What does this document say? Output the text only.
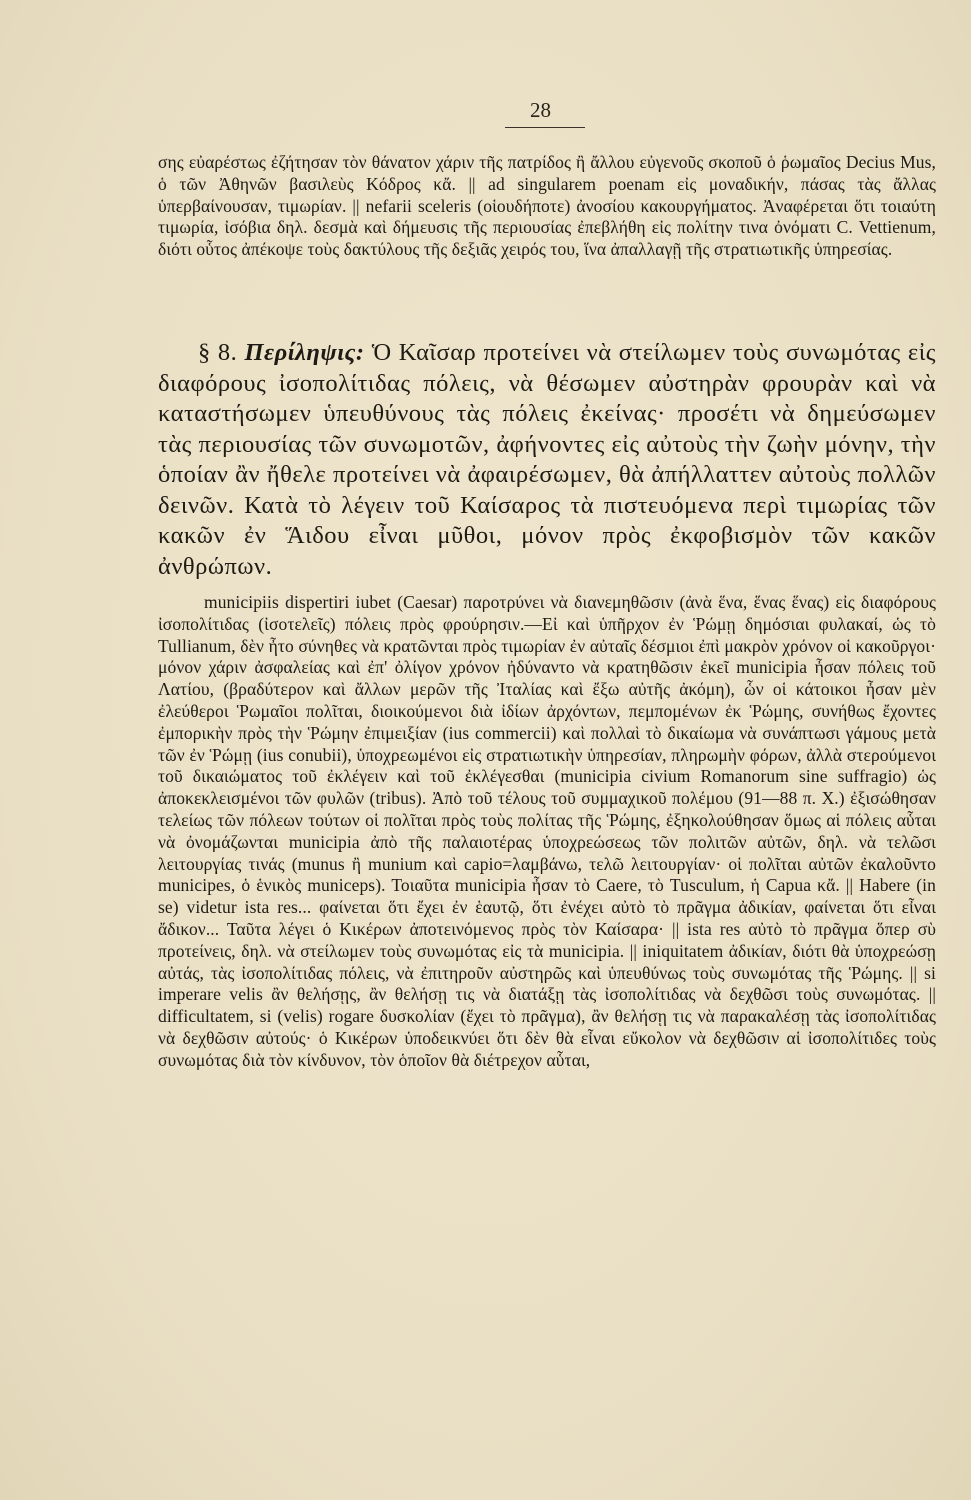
28

σης εὐαρέστως ἐζήτησαν τὸν θάνατον χάριν τῆς πατρίδος ἢ ἄλλου εὐγενοῦς σκοποῦ ὁ ῥωμαῖος Decius Mus, ὁ τῶν Ἀθηνῶν βασιλεὺς Κόδρος κἄ. || ad singularem poenam εἰς μοναδικήν, πάσας τὰς ἄλλας ὑπερβαίνουσαν, τιμωρίαν. || nefarii sceleris (οἱουδήποτε) ἀνοσίου κακουργήματος. Ἀναφέρεται ὅτι τοιαύτη τιμωρία, ἰσόβια δηλ. δεσμὰ καὶ δήμευσις τῆς περιουσίας ἐπεβλήθη εἰς πολίτην τινα ὀνόματι C. Vettienum, διότι οὗτος ἀπέκοψε τοὺς δακτύλους τῆς δεξιᾶς χειρός του, ἵνα ἀπαλλαγῇ τῆς στρατιωτικῆς ὑπηρεσίας.

§ 8. Περίληψις: Ὁ Καῖσαρ προτείνει νὰ στείλωμεν τοὺς συνωμότας εἰς διαφόρους ἰσοπολίτιδας πόλεις, νὰ θέσωμεν αὐστηρὰν φρουρὰν καὶ νὰ καταστήσωμεν ὑπευθύνους τὰς πόλεις ἐκείνας· προσέτι νὰ δημεύσωμεν τὰς περιουσίας τῶν συνωμοτῶν, ἀφήνοντες εἰς αὐτοὺς τὴν ζωὴν μόνην, τὴν ὁποίαν ἂν ἤθελε προτείνει νὰ ἀφαιρέσωμεν, θὰ ἀπήλλαττεν αὐτοὺς πολλῶν δεινῶν. Κατὰ τὸ λέγειν τοῦ Καίσαρος τὰ πιστευόμενα περὶ τιμωρίας τῶν κακῶν ἐν Ἅιδου εἶναι μῦθοι, μόνον πρὸς ἐκφοβισμὸν τῶν κακῶν ἀνθρώπων.

municipiis dispertiri iubet (Caesar) παροτρύνει νὰ διανεμηθῶσιν (ἀνὰ ἕνα, ἕνας ἕνας) εἰς διαφόρους ἰσοπολίτιδας (ἰσοτελεῖς) πόλεις πρὸς φρούρησιν.—Εἰ καὶ ὑπῆρχον ἐν Ῥώμῃ δημόσιαι φυλακαί, ὡς τὸ Tullianum, δὲν ἦτο σύνηθες νὰ κρατῶνται πρὸς τιμωρίαν ἐν αὐταῖς δέσμιοι ἐπὶ μακρὸν χρόνον οἱ κακοῦργοι· μόνον χάριν ἀσφαλείας καὶ ἐπ' ὀλίγον χρόνον ἠδύναντο νὰ κρατηθῶσιν ἐκεῖ municipia ἦσαν πόλεις τοῦ Λατίου, (βραδύτερον καὶ ἄλλων μερῶν τῆς Ἰταλίας καὶ ἔξω αὐτῆς ἀκόμη), ὧν οἱ κάτοικοι ἦσαν μὲν ἐλεύθεροι Ῥωμαῖοι πολῖται, διοικούμενοι διὰ ἰδίων ἀρχόντων, πεμπομένων ἐκ Ῥώμης, συνήθως ἔχοντες ἐμπορικὴν πρὸς τὴν Ῥώμην ἐπιμειξίαν (ius commercii) καὶ πολλαὶ τὸ δικαίωμα νὰ συνάπτωσι γάμους μετὰ τῶν ἐν Ῥώμῃ (ius conubii), ὑποχρεωμένοι εἰς στρατιωτικὴν ὑπηρεσίαν, πληρωμὴν φόρων, ἀλλὰ στερούμενοι τοῦ δικαιώματος τοῦ ἐκλέγειν καὶ τοῦ ἐκλέγεσθαι (municipia civium Romanorum sine suffragio) ὡς ἀποκεκλεισμένοι τῶν φυλῶν (tribus). Ἀπὸ τοῦ τέλους τοῦ συμμαχικοῦ πολέμου (91—88 π. Χ.) ἐξισώθησαν τελείως τῶν πόλεων τούτων οἱ πολῖται πρὸς τοὺς πολίτας τῆς Ῥώμης, ἐξηκολούθησαν ὅμως αἱ πόλεις αὗται νὰ ὀνομάζωνται municipia ἀπὸ τῆς παλαιοτέρας ὑποχρεώσεως τῶν πολιτῶν αὐτῶν, δηλ. νὰ τελῶσι λειτουργίας τινάς (munus ἢ munium καὶ capio=λαμβάνω, τελῶ λειτουργίαν· οἱ πολῖται αὐτῶν ἐκαλοῦντο municipes, ὁ ἑνικὸς municeps). Τοιαῦτα municipia ἦσαν τὸ Caere, τὸ Tusculum, ἡ Capua κἄ. || Habere (in se) videtur ista res... φαίνεται ὅτι ἔχει ἐν ἑαυτῷ, ὅτι ἐνέχει αὐτὸ τὸ πρᾶγμα ἀδικίαν, φαίνεται ὅτι εἶναι ἄδικον... Ταῦτα λέγει ὁ Κικέρων ἀποτεινόμενος πρὸς τὸν Καίσαρα· || ista res αὐτὸ τὸ πρᾶγμα ὅπερ σὺ προτείνεις, δηλ. νὰ στείλωμεν τοὺς συνωμότας εἰς τὰ municipia. || iniquitatem ἀδικίαν, διότι θὰ ὑποχρεώσῃ αὐτάς, τὰς ἰσοπολίτιδας πόλεις, νὰ ἐπιτηροῦν αὐστηρῶς καὶ ὑπευθύνως τοὺς συνωμότας τῆς Ῥώμης. || si imperare velis ἂν θελήσῃς, ἂν θελήσῃ τις νὰ διατάξῃ τὰς ἰσοπολίτιδας νὰ δεχθῶσι τοὺς συνωμότας. || difficultatem, si (velis) rogare δυσκολίαν (ἔχει τὸ πρᾶγμα), ἂν θελήσῃ τις νὰ παρακαλέσῃ τὰς ἰσοπολίτιδας νὰ δεχθῶσιν αὐτούς· ὁ Κικέρων ὑποδεικνύει ὅτι δὲν θὰ εἶναι εὔκολον νὰ δεχθῶσιν αἱ ἰσοπολίτιδες τοὺς συνωμότας διὰ τὸν κίνδυνον, τὸν ὁποῖον θὰ διέτρεχον αὗται,
